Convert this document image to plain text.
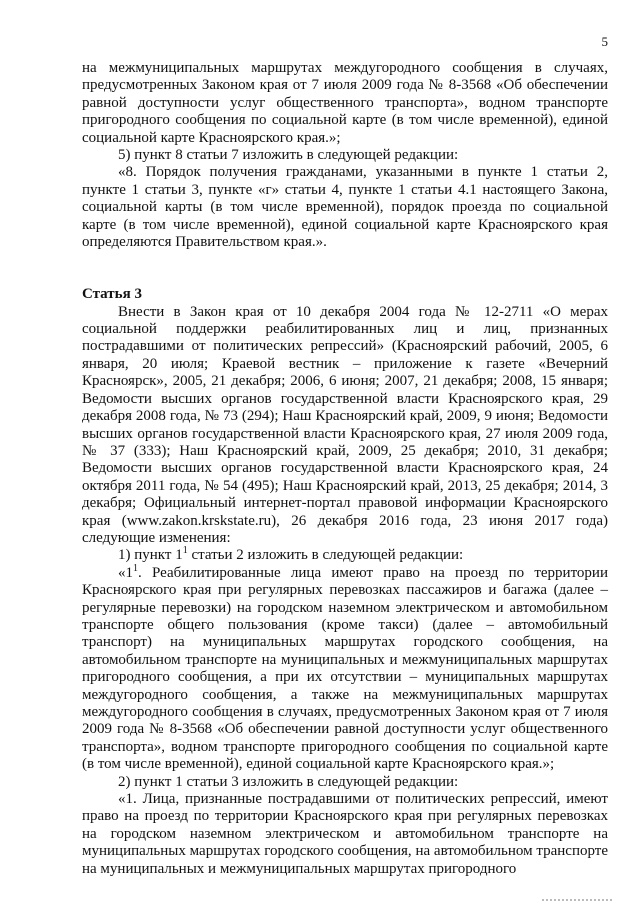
5

на межмуниципальных маршрутах междугородного сообщения в случаях, предусмотренных Законом края от 7 июля 2009 года № 8-3568 «Об обеспечении равной доступности услуг общественного транспорта», водном транспорте пригородного сообщения по социальной карте (в том числе временной), единой социальной карте Красноярского края.»;

5) пункт 8 статьи 7 изложить в следующей редакции:

«8. Порядок получения гражданами, указанными в пункте 1 статьи 2, пункте 1 статьи 3, пункте «г» статьи 4, пункте 1 статьи 4.1 настоящего Закона, социальной карты (в том числе временной), порядок проезда по социальной карте (в том числе временной), единой социальной карте Красноярского края определяются Правительством края.».

Статья 3

Внести в Закон края от 10 декабря 2004 года № 12-2711 «О мерах социальной поддержки реабилитированных лиц и лиц, признанных пострадавшими от политических репрессий» (Красноярский рабочий, 2005, 6 января, 20 июля; Краевой вестник – приложение к газете «Вечерний Красноярск», 2005, 21 декабря; 2006, 6 июня; 2007, 21 декабря; 2008, 15 января; Ведомости высших органов государственной власти Красноярского края, 29 декабря 2008 года, № 73 (294); Наш Красноярский край, 2009, 9 июня; Ведомости высших органов государственной власти Красноярского края, 27 июля 2009 года, № 37 (333); Наш Красноярский край, 2009, 25 декабря; 2010, 31 декабря; Ведомости высших органов государственной власти Красноярского края, 24 октября 2011 года, № 54 (495); Наш Красноярский край, 2013, 25 декабря; 2014, 3 декабря; Официальный интернет-портал правовой информации Красноярского края (www.zakon.krskstate.ru), 26 декабря 2016 года, 23 июня 2017 года) следующие изменения:

1) пункт $1^1$ статьи 2 изложить в следующей редакции:

«$1^1$. Реабилитированные лица имеют право на проезд по территории Красноярского края при регулярных перевозках пассажиров и багажа (далее – регулярные перевозки) на городском наземном электрическом и автомобильном транспорте общего пользования (кроме такси) (далее – автомобильный транспорт) на муниципальных маршрутах городского сообщения, на автомобильном транспорте на муниципальных и межмуниципальных маршрутах пригородного сообщения, а при их отсутствии – муниципальных маршрутах междугородного сообщения, а также на межмуниципальных маршрутах междугородного сообщения в случаях, предусмотренных Законом края от 7 июля 2009 года № 8-3568 «Об обеспечении равной доступности услуг общественного транспорта», водном транспорте пригородного сообщения по социальной карте (в том числе временной), единой социальной карте Красноярского края.»;

2) пункт 1 статьи 3 изложить в следующей редакции:

«1. Лица, признанные пострадавшими от политических репрессий, имеют право на проезд по территории Красноярского края при регулярных перевозках на городском наземном электрическом и автомобильном транспорте на муниципальных маршрутах городского сообщения, на автомобильном транспорте на муниципальных и межмуниципальных маршрутах пригородного
